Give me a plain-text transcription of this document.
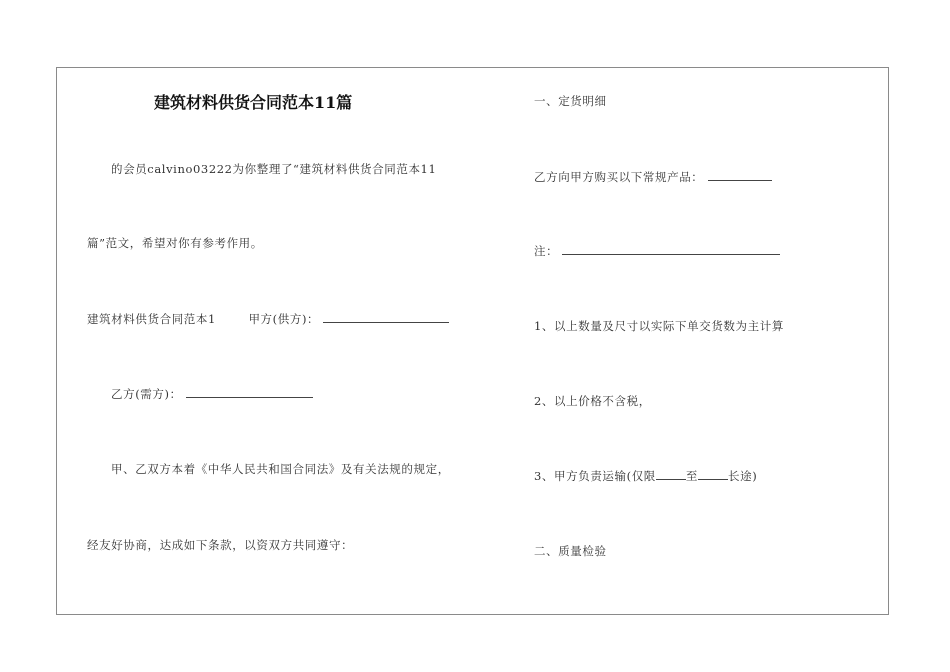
建筑材料供货合同范本11篇
的会员calvino03222为你整理了“建筑材料供货合同范本11
篇”范文，希望对你有参考作用。
建筑材料供货合同范本1	甲方(供方)：
乙方(需方)：
甲、乙双方本着《中华人民共和国合同法》及有关法规的规定，
经友好协商，达成如下条款，以资双方共同遵守：
一、定货明细
乙方向甲方购买以下常规产品：
注：
1、以上数量及尺寸以实际下单交货数为主计算
2、以上价格不含税，
3、甲方负责运输(仅限	至	长途)
二、质量检验
